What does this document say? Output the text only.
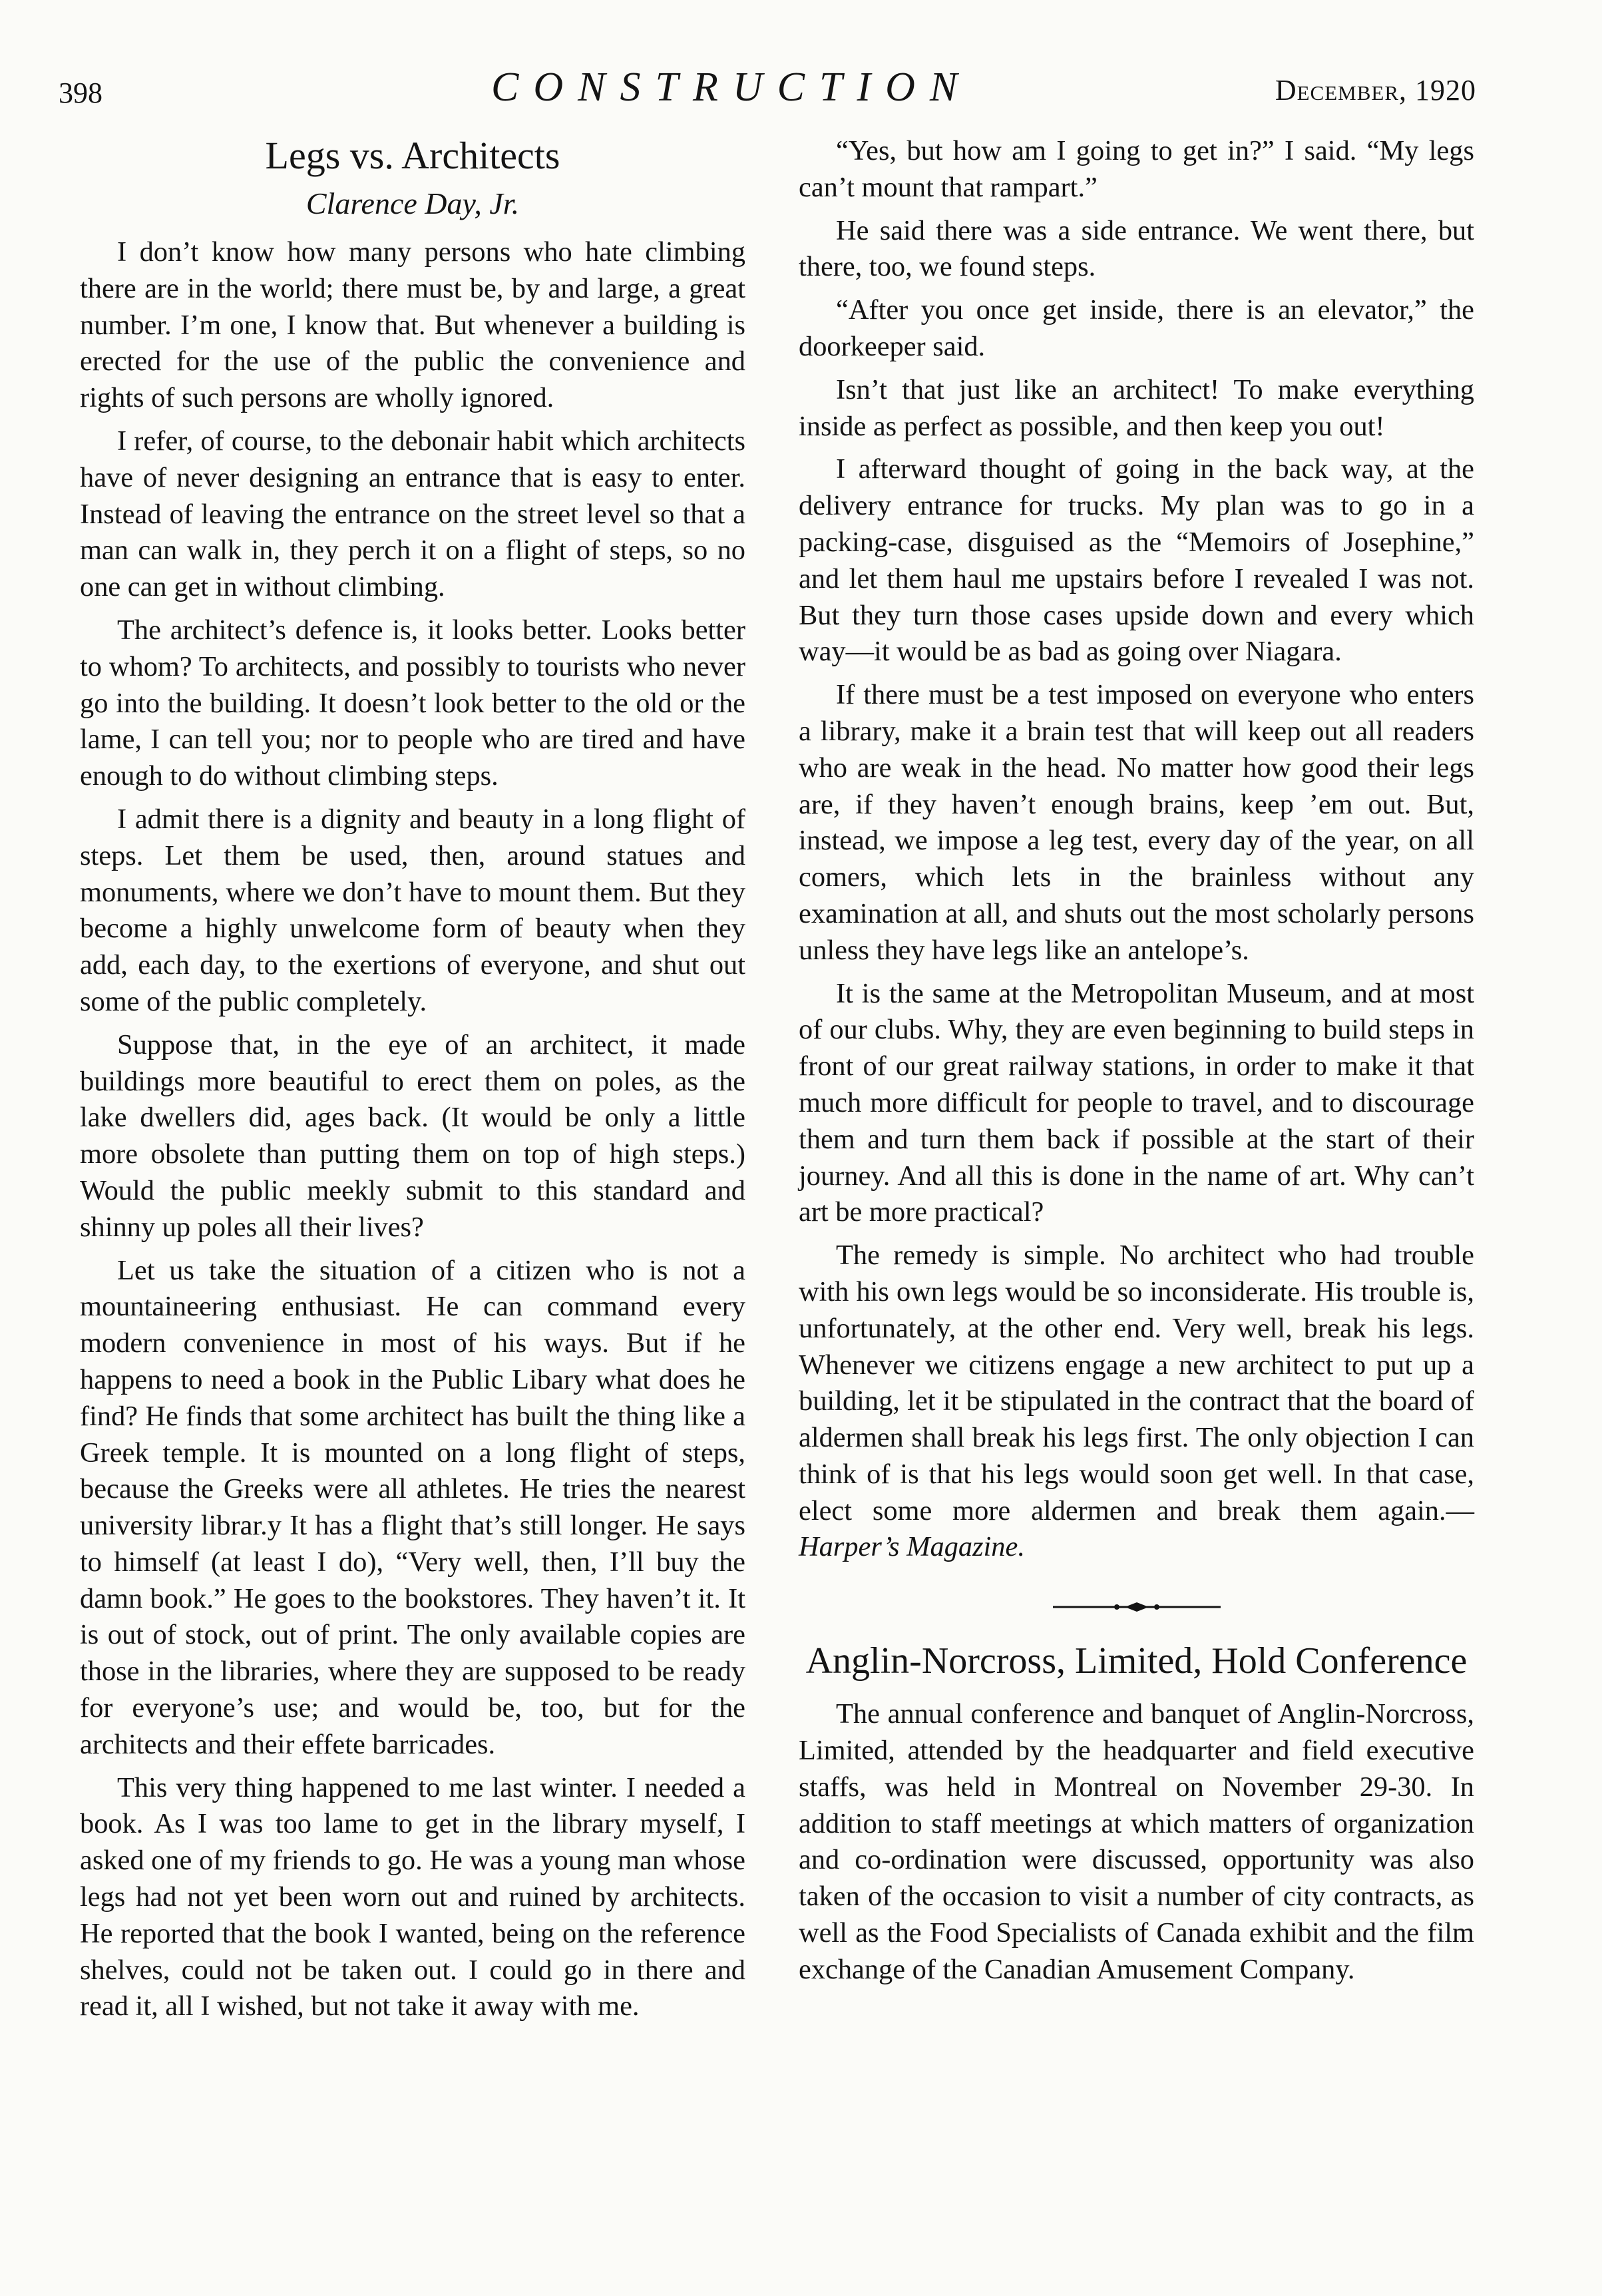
398	CONSTRUCTION	December, 1920
Legs vs. Architects
Clarence Day, Jr.

I don’t know how many persons who hate climbing there are in the world; there must be, by and large, a great number. I’m one, I know that. But whenever a building is erected for the use of the public the convenience and rights of such persons are wholly ignored.

I refer, of course, to the debonair habit which architects have of never designing an entrance that is easy to enter. Instead of leaving the entrance on the street level so that a man can walk in, they perch it on a flight of steps, so no one can get in without climbing.

The architect’s defence is, it looks better. Looks better to whom? To architects, and possibly to tourists who never go into the building. It doesn’t look better to the old or the lame, I can tell you; nor to people who are tired and have enough to do without climbing steps.

I admit there is a dignity and beauty in a long flight of steps. Let them be used, then, around statues and monuments, where we don’t have to mount them. But they become a highly unwelcome form of beauty when they add, each day, to the exertions of everyone, and shut out some of the public completely.

Suppose that, in the eye of an architect, it made buildings more beautiful to erect them on poles, as the lake dwellers did, ages back. (It would be only a little more obsolete than putting them on top of high steps.) Would the public meekly submit to this standard and shinny up poles all their lives?

Let us take the situation of a citizen who is not a mountaineering enthusiast. He can command every modern convenience in most of his ways. But if he happens to need a book in the Public Libary what does he find? He finds that some architect has built the thing like a Greek temple. It is mounted on a long flight of steps, because the Greeks were all athletes. He tries the nearest university librar.y It has a flight that’s still longer. He says to himself (at least I do), “Very well, then, I’ll buy the damn book.” He goes to the bookstores. They haven’t it. It is out of stock, out of print. The only available copies are those in the libraries, where they are supposed to be ready for everyone’s use; and would be, too, but for the architects and their effete barricades.

This very thing happened to me last winter. I needed a book. As I was too lame to get in the library myself, I asked one of my friends to go. He was a young man whose legs had not yet been worn out and ruined by architects. He reported that the book I wanted, being on the reference shelves, could not be taken out. I could go in there and read it, all I wished, but not take it away with me.

“Yes, but how am I going to get in?” I said. “My legs can’t mount that rampart.”

He said there was a side entrance. We went there, but there, too, we found steps.

“After you once get inside, there is an elevator,” the doorkeeper said.

Isn’t that just like an architect! To make everything inside as perfect as possible, and then keep you out!

I afterward thought of going in the back way, at the delivery entrance for trucks. My plan was to go in a packing-case, disguised as the “Memoirs of Josephine,” and let them haul me upstairs before I revealed I was not. But they turn those cases upside down and every which way—it would be as bad as going over Niagara.

If there must be a test imposed on everyone who enters a library, make it a brain test that will keep out all readers who are weak in the head. No matter how good their legs are, if they haven’t enough brains, keep ’em out. But, instead, we impose a leg test, every day of the year, on all comers, which lets in the brainless without any examination at all, and shuts out the most scholarly persons unless they have legs like an antelope’s.

It is the same at the Metropolitan Museum, and at most of our clubs. Why, they are even beginning to build steps in front of our great railway stations, in order to make it that much more difficult for people to travel, and to discourage them and turn them back if possible at the start of their journey. And all this is done in the name of art. Why can’t art be more practical?

The remedy is simple. No architect who had trouble with his own legs would be so inconsiderate. His trouble is, unfortunately, at the other end. Very well, break his legs. Whenever we citizens engage a new architect to put up a building, let it be stipulated in the contract that the board of aldermen shall break his legs first. The only objection I can think of is that his legs would soon get well. In that case, elect some more aldermen and break them again.— Harper’s Magazine.

Anglin-Norcross, Limited, Hold Conference

The annual conference and banquet of Anglin-Norcross, Limited, attended by the headquarter and field executive staffs, was held in Montreal on November 29-30. In addition to staff meetings at which matters of organization and co-ordination were discussed, opportunity was also taken of the occasion to visit a number of city contracts, as well as the Food Specialists of Canada exhibit and the film exchange of the Canadian Amusement Company.
